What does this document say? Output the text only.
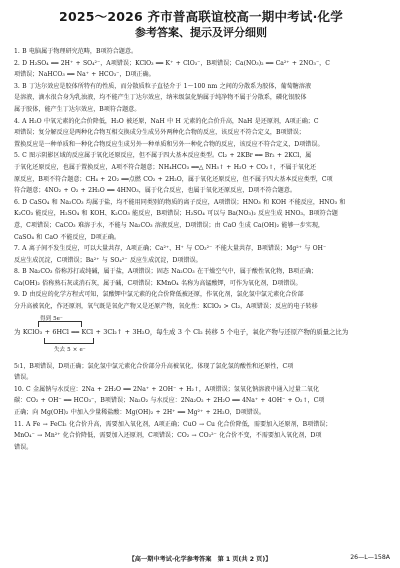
2025～2026 齐市普高联谊校高一期中考试·化学
参考答案、提示及评分细则
1. B 电脑属于物理研究范畴，B项符合题意。
2. D H₂SO₄ ══ 2H⁺ + SO₄²⁻，A项错误；KClO₃ ══ K⁺ + ClO₃⁻，B项错误；Ca(NO₃)₂ ══ Ca²⁺ + 2NO₃⁻，C
项错误；NaHCO₃ ══ Na⁺ + HCO₃⁻，D项正确。
3. B 丁达尔效应是胶体所特有的性质，而分散质粒子直径介于 1～100 nm 之间的分散系为胶体，葡萄糖溶液
是溶液，滴水很合身为乳浊液，均不能产生丁达尔效应，纳米级氯化钠属于纯净物不属于分散系，磷化银胶体
属于胶体，能产生丁达尔效应，B项符合题意。
4. A H₂O 中氧元素的化合价降低，H₂O 被还原，NaH 中 H 元素的化合价升高，NaH 是还原剂，A项正确；C
项错误；复分解反应是两种化合物互相交换成分生成另外两种化合物的反应，该反应不符合定义，B项错误；
置换反应是一种单质和一种化合物反应生成另外一种单质和另外一种化合物的反应，该反应不符合定义，D项错误。
5. C 图示阴影区域的反应属于氧化还原反应，但不属于四大基本反应类型。Cl₂ + 2KBr ══ Br₂ + 2KCl，属
于氧化还原反应，也属于置换反应，A项不符合题意；NH₄HCO₃ ══△ NH₃↑ + H₂O + CO₂↑，不属于氧化还
原反应，B项不符合题意；CH₄ + 2O₂ ══点燃 CO₂ + 2H₂O，属于氧化还原反应，但不属于四大基本反应类型，C项
符合题意；4NO₂ + O₂ + 2H₂O ══ 4HNO₃，属于化合反应，也属于氧化还原反应，D项不符合题意。
6. D CaSO₄ 和 Na₂CO₃ 均属于盐，均不能用同类别的物质的离子反应，A项错误；HNO₃ 和 KOH 不能反应，HNO₃ 和
K₂CO₃ 能反应，H₂SO₄ 和 KOH、K₂CO₃ 能反应，B项错误；H₂SO₄ 可以与 Ba(NO₃)₂ 反应生成 HNO₃，B项符合题
意，C项错误；CaCO₃ 难溶于水，不能与 Na₂CO₃ 溶液反应，D项错误；由 CaO 生成 Ca(OH)₂ 能够一步实现，
CaSO₄ 和 CaO 不能反应，D项正确。
7. A 离子间不发生反应，可以大量共存，A项正确；Ca²⁺、H⁺ 与 CO₃²⁻ 不能大量共存，B项错误；Mg²⁺ 与 OH⁻
反应生成沉淀，C项错误；Ba²⁺ 与 SO₄²⁻ 反应生成沉淀，D项错误。
8. B Na₂CO₃ 俗称苏打或纯碱，属于盐，A项错误；固态 Na₂CO₃ 在干燥空气中，属于酸性氧化物，B项正确；
Ca(OH)₂ 俗称熟石灰或消石灰，属于碱，C项错误；KMnO₄ 名称为高锰酸钾，可作为氧化剂，D项错误。
9. D 由反应的化学方程式可知，氯酸钾中氯元素的化合价降低被还原，作氧化剂，氯化氢中氯元素化合价部
分升高被氧化，作还原剂，氧气既是氧化产物又是还原产物，氧化性：KClO₃ > Cl₂，A项错误；反应的电子转移
得到 5e⁻
为 KClO₃ + 6HCl ══ KCl + 3Cl₂↑ + 3H₂O，每生成 3 个 Cl₂ 转移 5 个电子，氧化产物与还原产物的质量之比为
失去 5 × e⁻
5∶1，B项错误，D项正确；氯化氢中氯元素化合价部分升高被氧化，体现了氯化氢的酸性和还原性，C项
错误。
10. C 金属钠与水反应：2Na + 2H₂O ══ 2Na⁺ + 2OH⁻ + H₂↑，A项错误；氢氧化钠溶液中通入过量二氧化
碳：CO₂ + OH⁻ ══ HCO₃⁻，B项错误；Na₂O₂ 与水反应：2Na₂O₂ + 2H₂O ══ 4Na⁺ + 4OH⁻ + O₂↑，C项
正确；向 Mg(OH)₂ 中加入少量稀盐酸：Mg(OH)₂ + 2H⁺ ══ Mg²⁺ + 2H₂O，D项错误。
11. A Fe → FeCl₂ 化合价升高，需要加入氧化剂，A项正确；CuO → Cu 化合价降低，需要加入还原剂，B项错误；
MnO₄⁻ → Mn²⁺ 化合价降低，需要加入还原剂，C项错误；CO₂ → CO₃²⁻ 化合价不变，不需要加入氧化剂，D项
错误。
【高一期中考试·化学参考答案　第 1 页(共 2 页)】	26—L—158A
